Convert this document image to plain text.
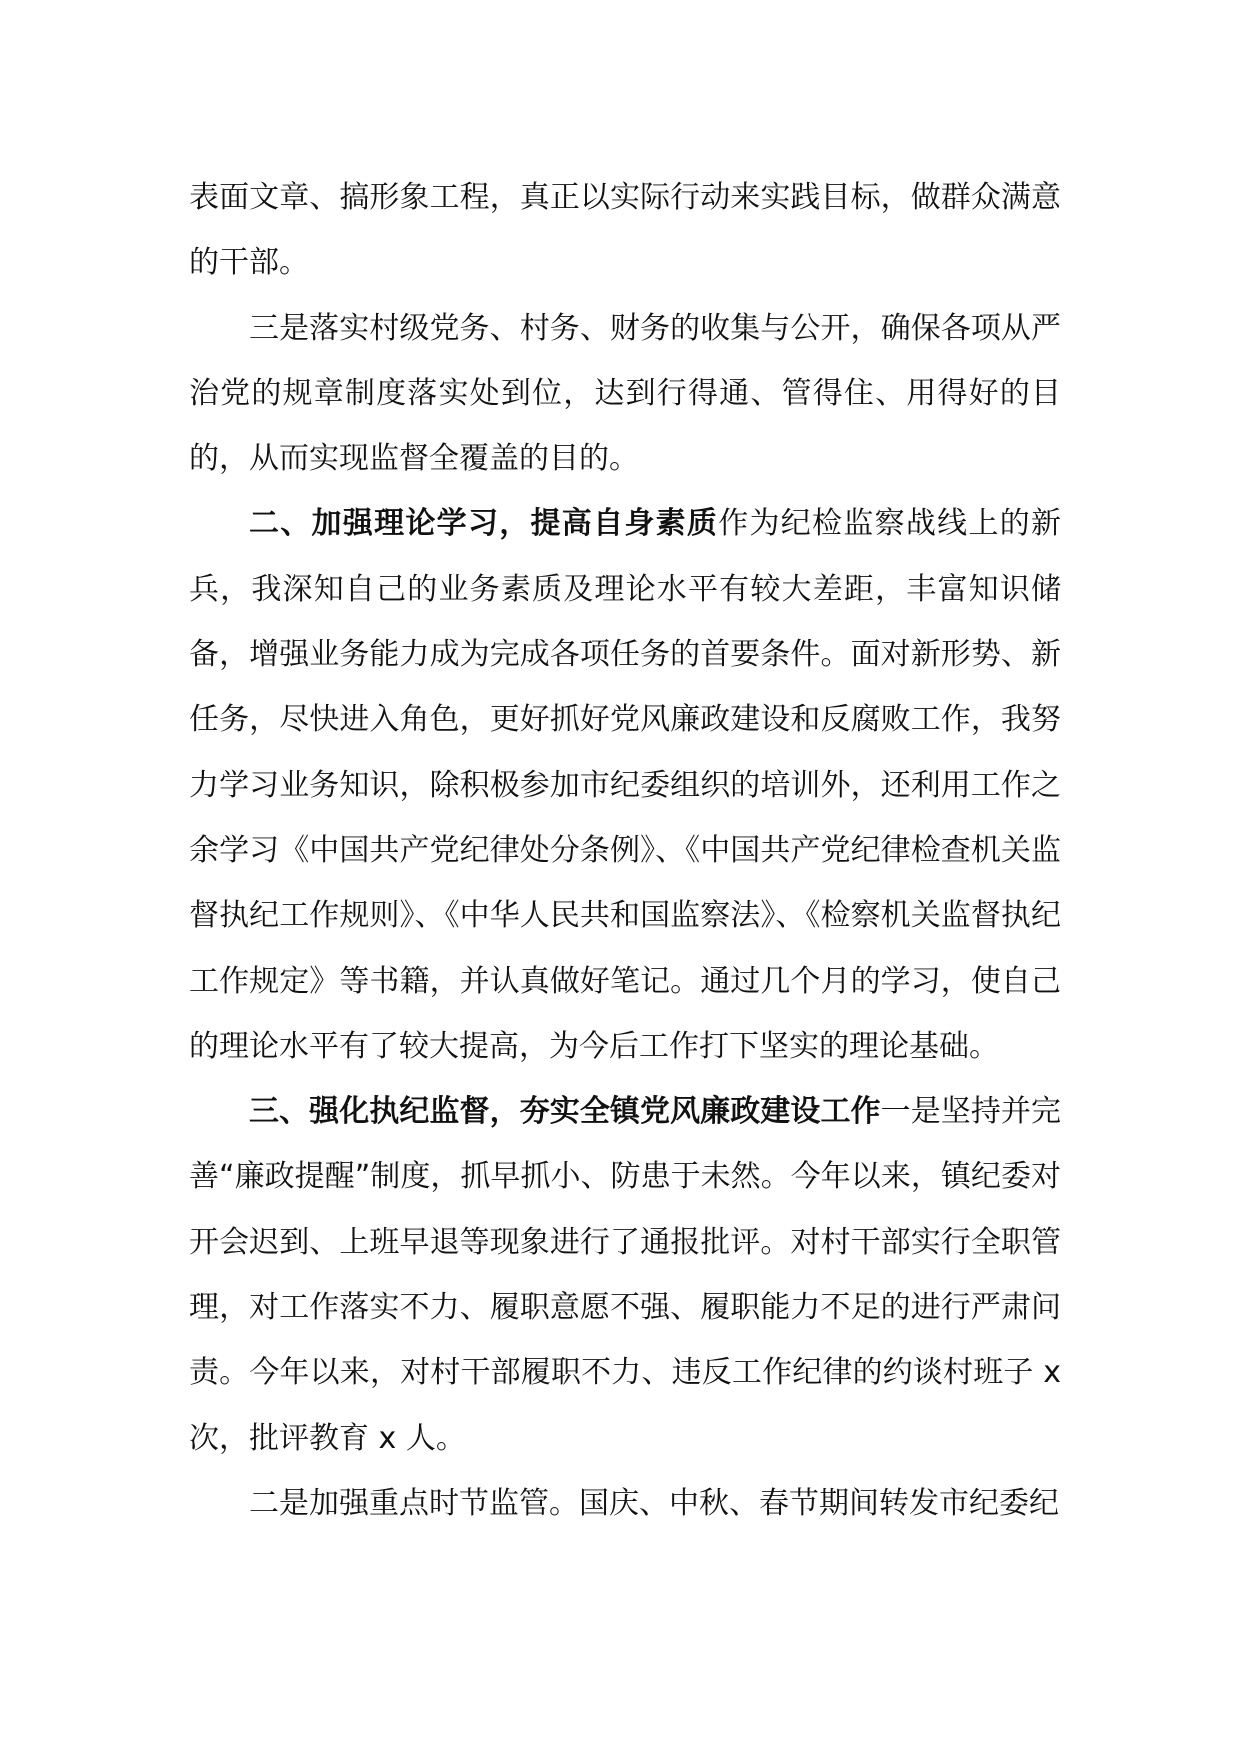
表面文章、搞形象工程，真正以实际行动来实践目标，做群众满意的干部。

三是落实村级党务、村务、财务的收集与公开，确保各项从严治党的规章制度落实处到位，达到行得通、管得住、用得好的目的，从而实现监督全覆盖的目的。

二、加强理论学习，提高自身素质作为纪检监察战线上的新兵，我深知自己的业务素质及理论水平有较大差距，丰富知识储备，增强业务能力成为完成各项任务的首要条件。面对新形势、新任务，尽快进入角色，更好抓好党风廉政建设和反腐败工作，我努力学习业务知识，除积极参加市纪委组织的培训外，还利用工作之余学习《中国共产党纪律处分条例》、《中国共产党纪律检查机关监督执纪工作规则》、《中华人民共和国监察法》、《检察机关监督执纪工作规定》等书籍，并认真做好笔记。通过几个月的学习，使自己的理论水平有了较大提高，为今后工作打下坚实的理论基础。

三、强化执纪监督，夯实全镇党风廉政建设工作一是坚持并完善“廉政提醒”制度，抓早抓小、防患于未然。今年以来，镇纪委对开会迟到、上班早退等现象进行了通报批评。对村干部实行全职管理，对工作落实不力、履职意愿不强、履职能力不足的进行严肃问责。今年以来，对村干部履职不力、违反工作纪律的约谈村班子 x 次，批评教育 x 人。

二是加强重点时节监管。国庆、中秋、春节期间转发市纪委纪
